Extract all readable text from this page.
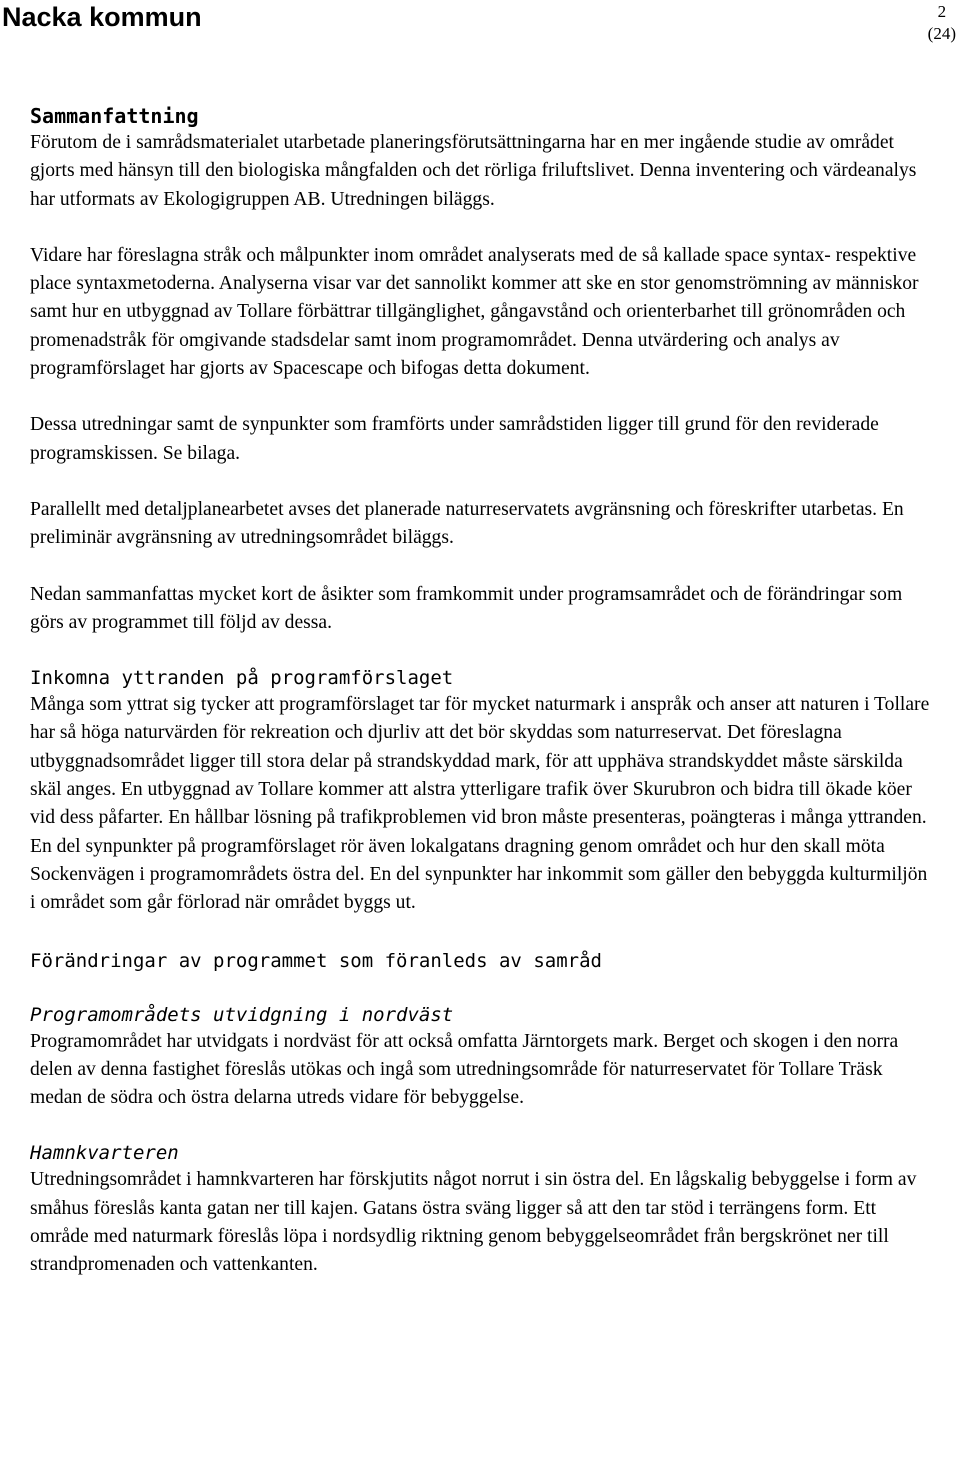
Nacka kommun	2
(24)
Sammanfattning

Förutom de i samrådsmaterialet utarbetade planeringsförutsättningarna har en mer ingående studie av området gjorts med hänsyn till den biologiska mångfalden och det rörliga friluftslivet. Denna inventering och värdeanalys har utformats av Ekologigruppen AB. Utredningen biläggs.

Vidare har föreslagna stråk och målpunkter inom området analyserats med de så kallade space syntax- respektive place syntaxmetoderna. Analyserna visar var det sannolikt kommer att ske en stor genomströmning av människor samt hur en utbyggnad av Tollare förbättrar tillgänglighet, gångavstånd och orienterbarhet till grönområden och promenadstråk för omgivande stadsdelar samt inom programområdet. Denna utvärdering och analys av programförslaget har gjorts av Spacescape och bifogas detta dokument.

Dessa utredningar samt de synpunkter som framförts under samrådstiden ligger till grund för den reviderade programskissen. Se bilaga.

Parallellt med detaljplanearbetet avses det planerade naturreservatets avgränsning och föreskrifter utarbetas. En preliminär avgränsning av utredningsområdet biläggs.

Nedan sammanfattas mycket kort de åsikter som framkommit under programsamrådet och de förändringar som görs av programmet till följd av dessa.

Inkomna yttranden på programförslaget

Många som yttrat sig tycker att programförslaget tar för mycket naturmark i anspråk och anser att naturen i Tollare har så höga naturvärden för rekreation och djurliv att det bör skyddas som naturreservat. Det föreslagna utbyggnadsområdet ligger till stora delar på strandskyddad mark, för att upphäva strandskyddet måste särskilda skäl anges. En utbyggnad av Tollare kommer att alstra ytterligare trafik över Skurubron och bidra till ökade köer vid dess påfarter. En hållbar lösning på trafikproblemen vid bron måste presenteras, poängteras i många yttranden. En del synpunkter på programförslaget rör även lokalgatans dragning genom området och hur den skall möta Sockenvägen i programområdets östra del. En del synpunkter har inkommit som gäller den bebyggda kulturmiljön i området som går förlorad när området byggs ut.

Förändringar av programmet som föranleds av samråd
Programområdets utvidgning i nordväst

Programområdet har utvidgats i nordväst för att också omfatta Järntorgets mark. Berget och skogen i den norra delen av denna fastighet föreslås utökas och ingå som utredningsområde för naturreservatet för Tollare Träsk medan de södra och östra delarna utreds vidare för bebyggelse.

Hamnkvarteren

Utredningsområdet i hamnkvarteren har förskjutits något norrut i sin östra del. En lågskalig bebyggelse i form av småhus föreslås kanta gatan ner till kajen. Gatans östra sväng ligger så att den tar stöd i terrängens form. Ett område med naturmark föreslås löpa i nordsydlig riktning genom bebyggelseområdet från bergskrönet ner till strandpromenaden och vattenkanten.
